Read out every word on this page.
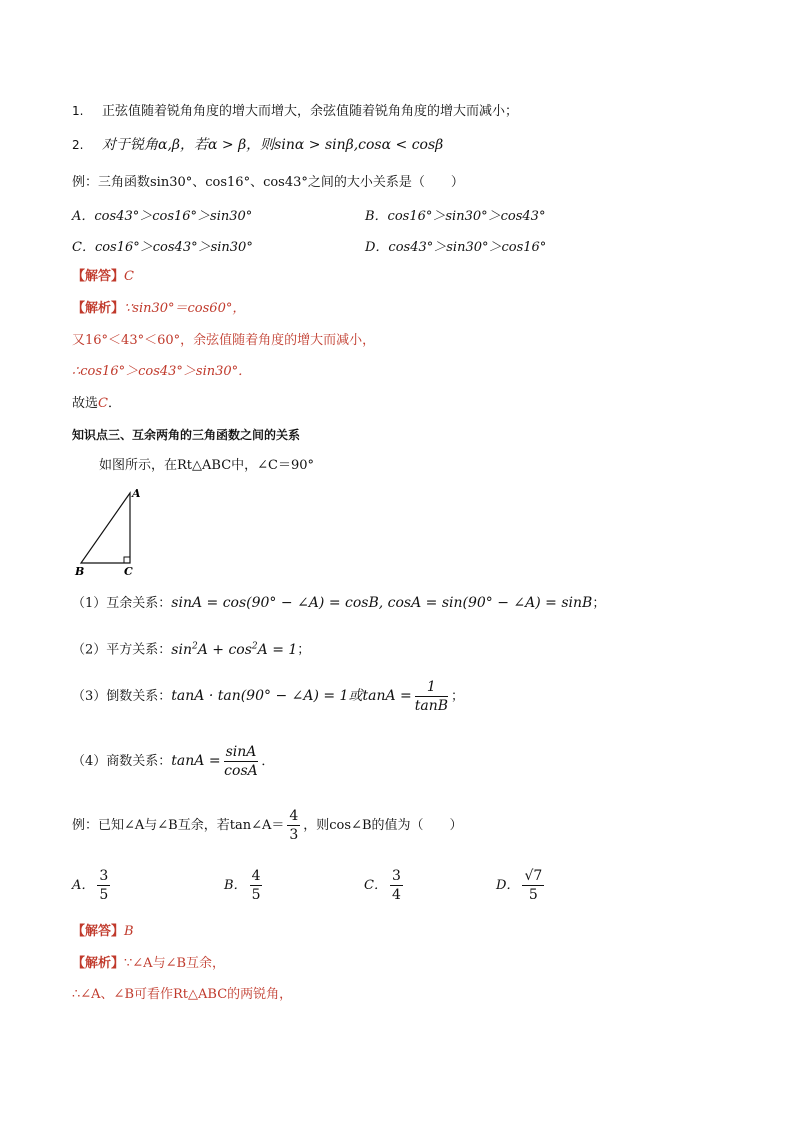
1. 正弦值随着锐角角度的增大而增大，余弦值随着锐角角度的增大而减小；
2. 对于锐角α,β，若α > β，则sinα > sinβ,cosα < cosβ
例：三角函数sin30°、cos16°、cos43°之间的大小关系是（　　）
A．cos43°＞cos16°＞sin30°	B．cos16°＞sin30°＞cos43°
C．cos16°＞cos43°＞sin30°	D．cos43°＞sin30°＞cos16°
【解答】C
【解析】∵sin30°＝cos60°，
又16°＜43°＜60°，余弦值随着角度的增大而减小，
∴cos16°＞cos43°＞sin30°．
故选C．
知识点三、互余两角的三角函数之间的关系
如图所示，在Rt△ABC中，∠C＝90°
A
B	C
（1）互余关系：sinA = cos(90° − ∠A) = cosB, cosA = sin(90° − ∠A) = sinB；
（2）平方关系：$\sin^2A + \cos^2A = 1$；
（3）倒数关系：tanA · tan(90° − ∠A) = 1或$\tan A = \frac{1}{\tan B}$ ；
（4）商数关系：$\tan A = \frac{\sin A}{\cos A}$ ．
例：已知∠A与∠B互余，若tan∠A＝ $\frac{4}{3}$ ，则cos∠B的值为（　　）
A． $\frac{3}{5}$	B． $\frac{4}{5}$	C． $\frac{3}{4}$	D． $\frac{√7}{5}$
【解答】B
【解析】∵∠A与∠B互余，
∴∠A、∠B可看作Rt△ABC的两锐角，
